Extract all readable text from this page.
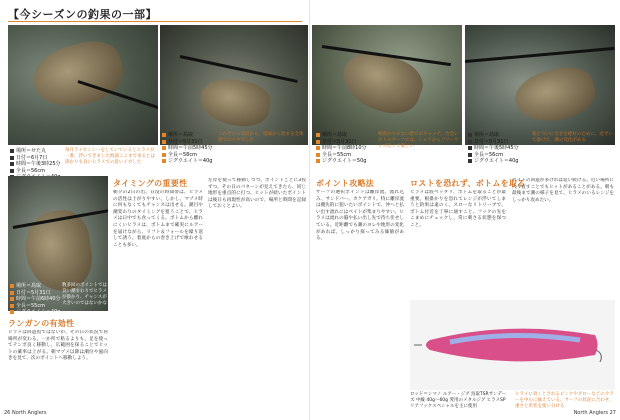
【今シーズンの釣果の一部】
場所＝せた丸
日付＝6月7日
時間＝午後3時25分
全長＝56cm
毎月ライセンシーをしていているとヒラメが一番、浮いてきました海面ここまで来るとは掛かりも良いヒラメでの思いイカした
場所＝鳥取
日付＝5月31日
時間＝午前5時45分
全長＝58cm
ジグウエイト＝40g
これぞ小の前段から、現場から始まる全体感でのイタでした
場所＝鳥取
日付＝5月31日
時間＝午前6時40分
全長＝55cm
ジグウエイト＝40g
数多回のポイントでは良い潮まわりでヒラメが掛かり、チャンスが大きいのではないかな
ランガンの有効性
ヒラメは回遊魚ではないが、その日の状況で居場所が変わる。一か所で粘るよりも、足を使ってテンポ良く移動し、広範囲を探ることでヒットの確率は上がる。朝マヅメ以降は潮位や風向きを見て、次のポイントへ移動しよう。
タイミングの重要性
朝夕の2日の出、日没の時間帯は、ヒラメの活性は上がりやすい。しかし、マヅメ時に何もなくてもチャンスは出せる。潮目や潮変わりのタイミングを狙うことで、ヒラメは日中でも食ってくる。ボトムから離れにくいヒラメは、ボトムまで確実にルアーを届けながら、リフト＆フォールを繰り返して誘う。着底からの巻き上げで喰わせることも多い。
左岸を使って移動しつつ、ポイントごとに3投ずつ。その日のパターンが見えてきたら、同じ地形を重点的に打つ。ヒットが続いたポイントは後日も再現性が高いので、場所と時間を記録しておくとよい。
26 North Anglers
場所＝鳥取
日付＝5月31日
時間＝午前8時10分
全長＝55cm
ジグウエイト＝50g
根掛かりのない際でのキャッチ。出会いがトのサーフでは、ショアからフリーサイズ近くで楽しい
場所＝鳥取
日付＝5月31日
時間＝午後5時45分
全長＝56cm
ジグウエイト＝40g
朝とついに引きを絶好のために、近ずいて掛けて、潮の変化がある
ポイント攻略法
サーフの選択ポイントは離岸流、流れ込み、サンドバー、カケアガリ。特に離岸流は優先的に狙いたいポイントで、沖へと払い出す流れにはベイトが集まりやすい。ヒラメは流れの脇や払い出し先で待ち伏せしている。近距離でも潮のヨレや地形の変化があれば、しっかり探ってみる価値がある。
ロストを恐れず、ボトムを取る
ヒラメは底ベッタリ、ボトムを取ることが最重要。根掛かりを恐れてレンジが浮いてしまうと釣果は遠のく。スローなリトリーブで、ボトム付近を丁寧に通すこと。フックの先をこまめにチェックし、常に刺さる状態を保つこと。
ベイトの回遊が多ければ追い続ける。近い場所に入り直すことでもヒットがあることがある。朝も最後まで潮の様子を見て、ヒラメのいるレンジをしっかり攻めたい。
ロッド＝シマノ ルアー・ジグ 鳥取TSRサンデーズ 中級 40g〜60g 愛用のメタルジグ ヒラメSP リアフックスペシャルを主に使用
ヒラメに効くとされるピンクやグローなどのカラーを中心に揃えている。サーフの状況に合わせ、重さと形状を使い分ける
North Anglers 27
